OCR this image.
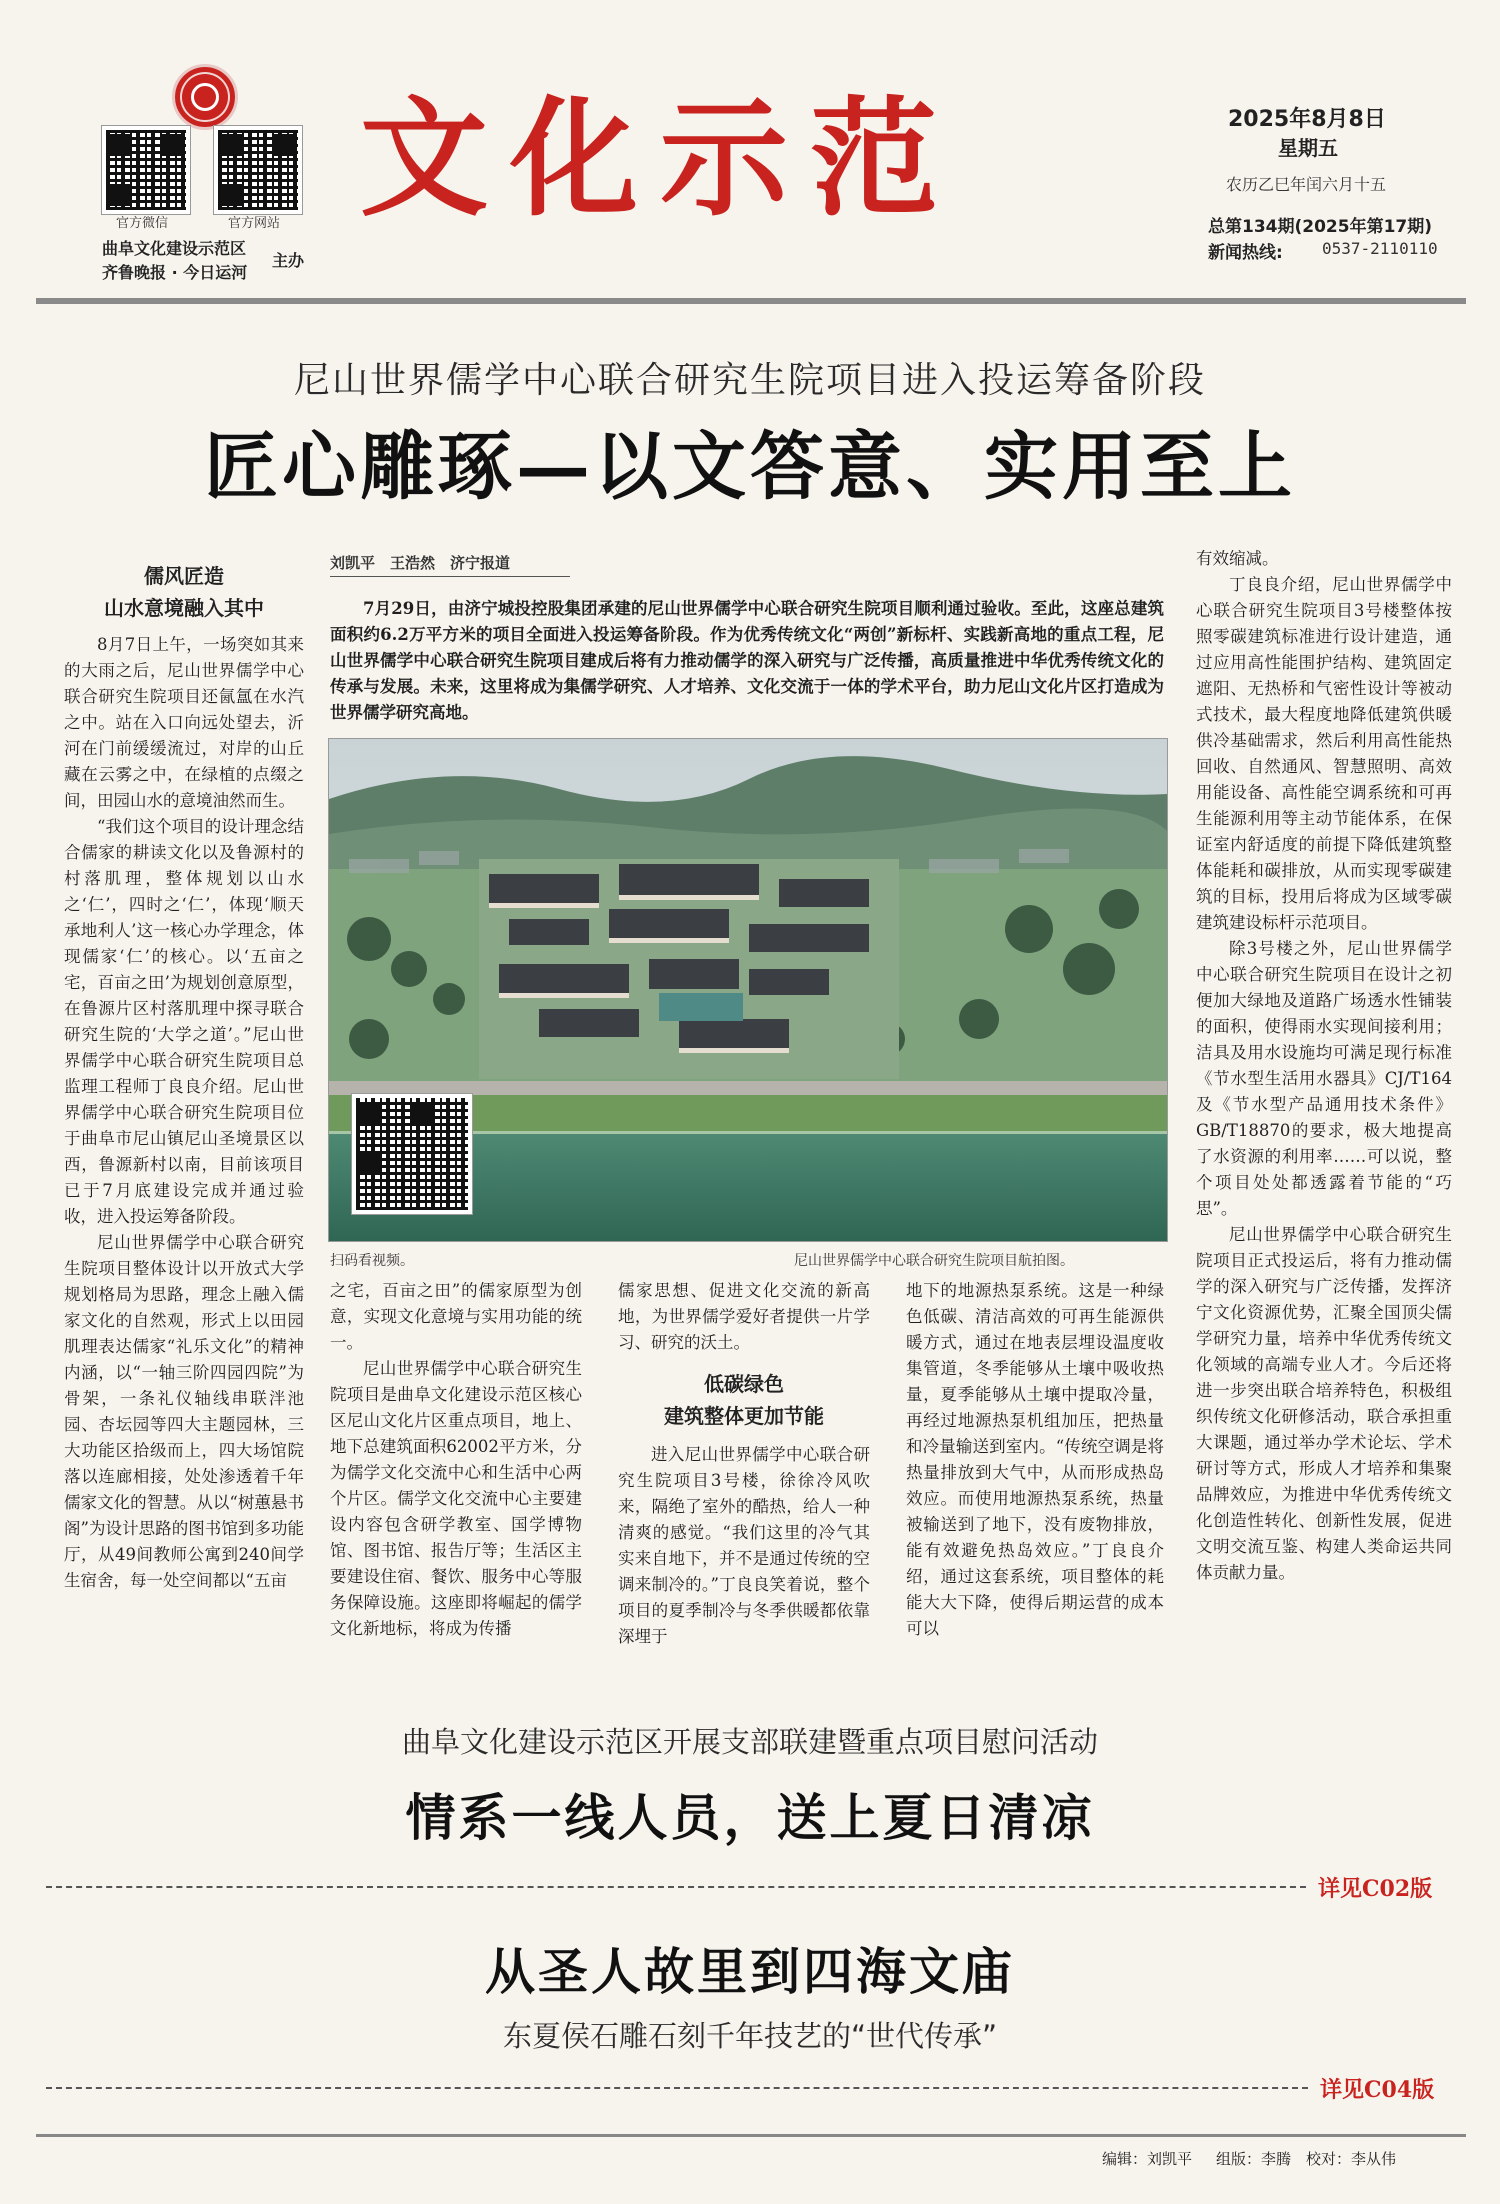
官方微信	官方网站
曲阜文化建设示范区
齐鲁晚报 · 今日运河
主办
文化示范	2025年8月8日
星期五
农历乙巳年闰六月十五
总第134期(2025年第17期)
新闻热线: 0537-2110110
尼山世界儒学中心联合研究生院项目进入投运筹备阶段
匠心雕琢—以文答意、实用至上
儒风匠造
山水意境融入其中

8月7日上午，一场突如其来的大雨之后，尼山世界儒学中心联合研究生院项目还氤氲在水汽之中。站在入口向远处望去，沂河在门前缓缓流过，对岸的山丘藏在云雾之中，在绿植的点缀之间，田园山水的意境油然而生。

“我们这个项目的设计理念结合儒家的耕读文化以及鲁源村的村落肌理，整体规划以山水之‘仁’，四时之‘仁’，体现‘顺天承地利人’这一核心办学理念，体现儒家‘仁’的核心。以‘五亩之宅，百亩之田’为规划创意原型，在鲁源片区村落肌理中探寻联合研究生院的‘大学之道’。”尼山世界儒学中心联合研究生院项目总监理工程师丁良良介绍。尼山世界儒学中心联合研究生院项目位于曲阜市尼山镇尼山圣境景区以西，鲁源新村以南，目前该项目已于7月底建设完成并通过验收，进入投运筹备阶段。

尼山世界儒学中心联合研究生院项目整体设计以开放式大学规划格局为思路，理念上融入儒家文化的自然观，形式上以田园肌理表达儒家“礼乐文化”的精神内涵，以“一轴三阶四园四院”为骨架，一条礼仪轴线串联泮池园、杏坛园等四大主题园林，三大功能区拾级而上，四大场馆院落以连廊相接，处处渗透着千年儒家文化的智慧。从以“树蕙悬书阁”为设计思路的图书馆到多功能厅，从49间教师公寓到240间学生宿舍，每一处空间都以“五亩

刘凯平　王浩然　济宁报道

7月29日，由济宁城投控股集团承建的尼山世界儒学中心联合研究生院项目顺利通过验收。至此，这座总建筑面积约6.2万平方米的项目全面进入投运筹备阶段。作为优秀传统文化“两创”新标杆、实践新高地的重点工程，尼山世界儒学中心联合研究生院项目建成后将有力推动儒学的深入研究与广泛传播，高质量推进中华优秀传统文化的传承与发展。未来，这里将成为集儒学研究、人才培养、文化交流于一体的学术平台，助力尼山文化片区打造成为世界儒学研究高地。

扫码看视频。	尼山世界儒学中心联合研究生院项目航拍图。

之宅，百亩之田”的儒家原型为创意，实现文化意境与实用功能的统一。

尼山世界儒学中心联合研究生院项目是曲阜文化建设示范区核心区尼山文化片区重点项目，地上、地下总建筑面积62002平方米，分为儒学文化交流中心和生活中心两个片区。儒学文化交流中心主要建设内容包含研学教室、国学博物馆、图书馆、报告厅等；生活区主要建设住宿、餐饮、服务中心等服务保障设施。这座即将崛起的儒学文化新地标，将成为传播

儒家思想、促进文化交流的新高地，为世界儒学爱好者提供一片学习、研究的沃土。

低碳绿色
建筑整体更加节能

进入尼山世界儒学中心联合研究生院项目3号楼，徐徐冷风吹来，隔绝了室外的酷热，给人一种清爽的感觉。“我们这里的冷气其实来自地下，并不是通过传统的空调来制冷的。”丁良良笑着说，整个项目的夏季制冷与冬季供暖都依靠深埋于

地下的地源热泵系统。这是一种绿色低碳、清洁高效的可再生能源供暖方式，通过在地表层埋设温度收集管道，冬季能够从土壤中吸收热量，夏季能够从土壤中提取冷量，再经过地源热泵机组加压，把热量和冷量输送到室内。“传统空调是将热量排放到大气中，从而形成热岛效应。而使用地源热泵系统，热量被输送到了地下，没有废物排放，能有效避免热岛效应。”丁良良介绍，通过这套系统，项目整体的耗能大大下降，使得后期运营的成本可以

有效缩减。

丁良良介绍，尼山世界儒学中心联合研究生院项目3号楼整体按照零碳建筑标准进行设计建造，通过应用高性能围护结构、建筑固定遮阳、无热桥和气密性设计等被动式技术，最大程度地降低建筑供暖供冷基础需求，然后利用高性能热回收、自然通风、智慧照明、高效用能设备、高性能空调系统和可再生能源利用等主动节能体系，在保证室内舒适度的前提下降低建筑整体能耗和碳排放，从而实现零碳建筑的目标，投用后将成为区域零碳建筑建设标杆示范项目。

除3号楼之外，尼山世界儒学中心联合研究生院项目在设计之初便加大绿地及道路广场透水性铺装的面积，使得雨水实现间接利用；洁具及用水设施均可满足现行标准《节水型生活用水器具》CJ/T164及《节水型产品通用技术条件》GB/T18870的要求，极大地提高了水资源的利用率……可以说，整个项目处处都透露着节能的“巧思”。

尼山世界儒学中心联合研究生院项目正式投运后，将有力推动儒学的深入研究与广泛传播，发挥济宁文化资源优势，汇聚全国顶尖儒学研究力量，培养中华优秀传统文化领域的高端专业人才。今后还将进一步突出联合培养特色，积极组织传统文化研修活动，联合承担重大课题，通过举办学术论坛、学术研讨等方式，形成人才培养和集聚品牌效应，为推进中华优秀传统文化创造性转化、创新性发展，促进文明交流互鉴、构建人类命运共同体贡献力量。

曲阜文化建设示范区开展支部联建暨重点项目慰问活动
情系一线人员，送上夏日清凉
详见C02版
从圣人故里到四海文庙
东夏侯石雕石刻千年技艺的“世代传承”
详见C04版
编辑：刘凯平 组版：李腾 校对：李从伟
